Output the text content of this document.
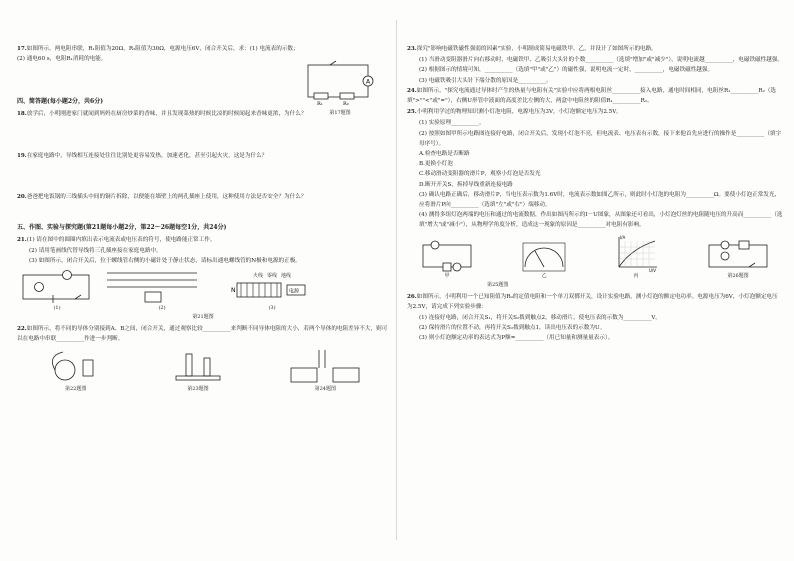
A
R₁	R₂
第17题图
17.如图所示，两电阻串联，R₁阻值为20Ω，R₂阻值为30Ω，电源电压6V，闭合开关后，求：(1) 电流表的示数；(2) 通电60 s，电阻R₁消耗的电能。
四、简答题(每小题2分，共6分)
18.放学后，小明刚进家门就闻到妈妈在厨房炒菜的香味，并且发现菜热的时候比凉的时候闻起来香味更浓，为什么？
19.在家庭电路中，导线相互连接处往往比别处更容易发热，加速老化，甚至引起火灾，这是为什么？
20.爸爸把电饭锅的三线插头中间的铜片拆除，以便能在墙壁上的两孔插座上使用，这种使用方法是否安全？为什么？
五、作图、实验与探究题(第21题每小题2分，第22～26题每空1分，共24分)
21.(1) 请在图中的圆圈内填出表示电流表或电压表的符号，使电路能正常工作。
(2) 请用笔画线代替导线将三孔插座接在家庭电路中。
(3) 如图所示，闭合开关后，位于螺线管右侧的小磁针处于静止状态，请标出通电螺线管的N极和电源的正极。
(1)	(2)
火线 零线 地线
N	电源
(3)
第21题图
22.如图所示，将不同的导体分别接到A、B之间，闭合开关，通过观察比较__________来判断不同导体电阻的大小，若两个导体的电阻差异不大，则可以在电路中串联__________作进一步判断。
第22题图	第23题图	第24题图
23.探究"影响电磁铁磁性强弱的因素"实验，小明制成简易电磁铁甲、乙，并设计了如图所示的电路。
(1) 当滑动变阻器滑片向右移动时，电磁铁甲、乙吸引大头针的个数__________（选填"增加"或"减少"），说明电流越__________，电磁铁磁性越强。
(2) 根据图示的情境可知，__________（选填"甲"或"乙"）的磁性强，说明电流一定时，__________，电磁铁磁性越强。
(3) 电磁铁吸引大头针下端分散的原因是__________。
24.如图所示，"探究电流通过导体时产生的热量与电阻有关"实验中应将两根电阻丝__________接入电路，通电时间相同，电阻丝R₁__________R₂（选填">""<"或"="），右侧U形管中液面的高度差比左侧的大，两盒中电阻丝的阻值R₁__________R₂。
25.小明利用学过的物理知识测小灯泡电阻，电源电压为3V，小灯泡额定电压为2.5V。
(1) 实验原理__________。
(2) 按照如图甲所示电路图连接好电路，闭合开关后，发现小灯泡不亮，但电流表、电压表有示数，接下来他首先应进行的操作是__________（填字母序号）。
A.检查电路是否断路
B.更换小灯泡
C.移动滑动变阻器的滑片P，观察小灯泡是否发光
D.断开开关S，拆掉导线重新连接电路
(3) 确认电路正确后，移动滑片P，当电压表示数为1.6V时，电流表示数如图乙所示，则此时小灯泡的电阻为__________Ω。要使小灯泡正常发光，应将滑片P向__________（选填"左"或"右"）端移动。
(4) 测得多组灯泡两端的电压和通过的电流数据，作出如图丙所示的I－U图象，从图象还可看出，小灯泡灯丝的电阻随电压的升高而__________（选填"增大"或"减小"），从物理学角度分析，造成这一现象的原因是__________对电阻有影响。
甲	乙
I/A
U/V
丙	第26题图
第25题图
26.如图所示，小明利用一个已知阻值为R₀的定值电阻和一个单刀双掷开关，设计实验电路，测小灯泡的额定电功率。电源电压为6V，小灯泡额定电压为2.5V，请完成下列实验步骤：
(1) 连接好电路，闭合开关S₁，将开关S₂拨到触点2，移动滑片，使电压表的示数为__________V。
(2) 保持滑片的位置不动，再将开关S₂拨到触点1，读出电压表的示数为U。
(3) 则小灯泡额定功率的表达式为P额=__________（用已知量和测量量表示）。
